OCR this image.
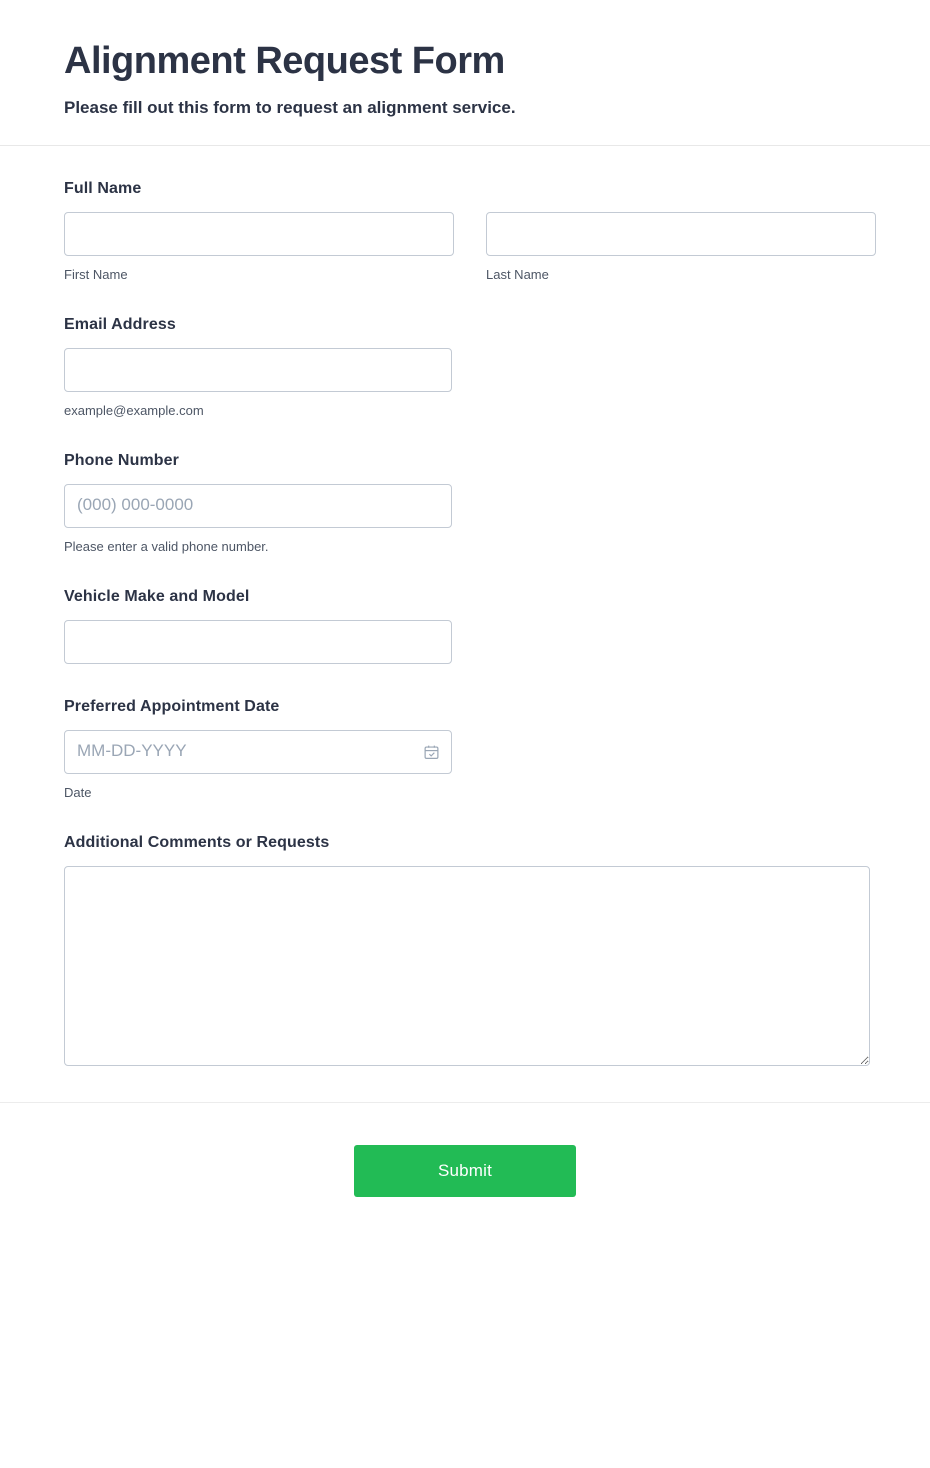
Alignment Request Form

Please fill out this form to request an alignment service.

Full Name
First Name	Last Name
Email Address
example@example.com
Phone Number
(000) 000-0000
Please enter a valid phone number.
Vehicle Make and Model
Preferred Appointment Date
MM-DD-YYYY
Date
Additional Comments or Requests
Submit
